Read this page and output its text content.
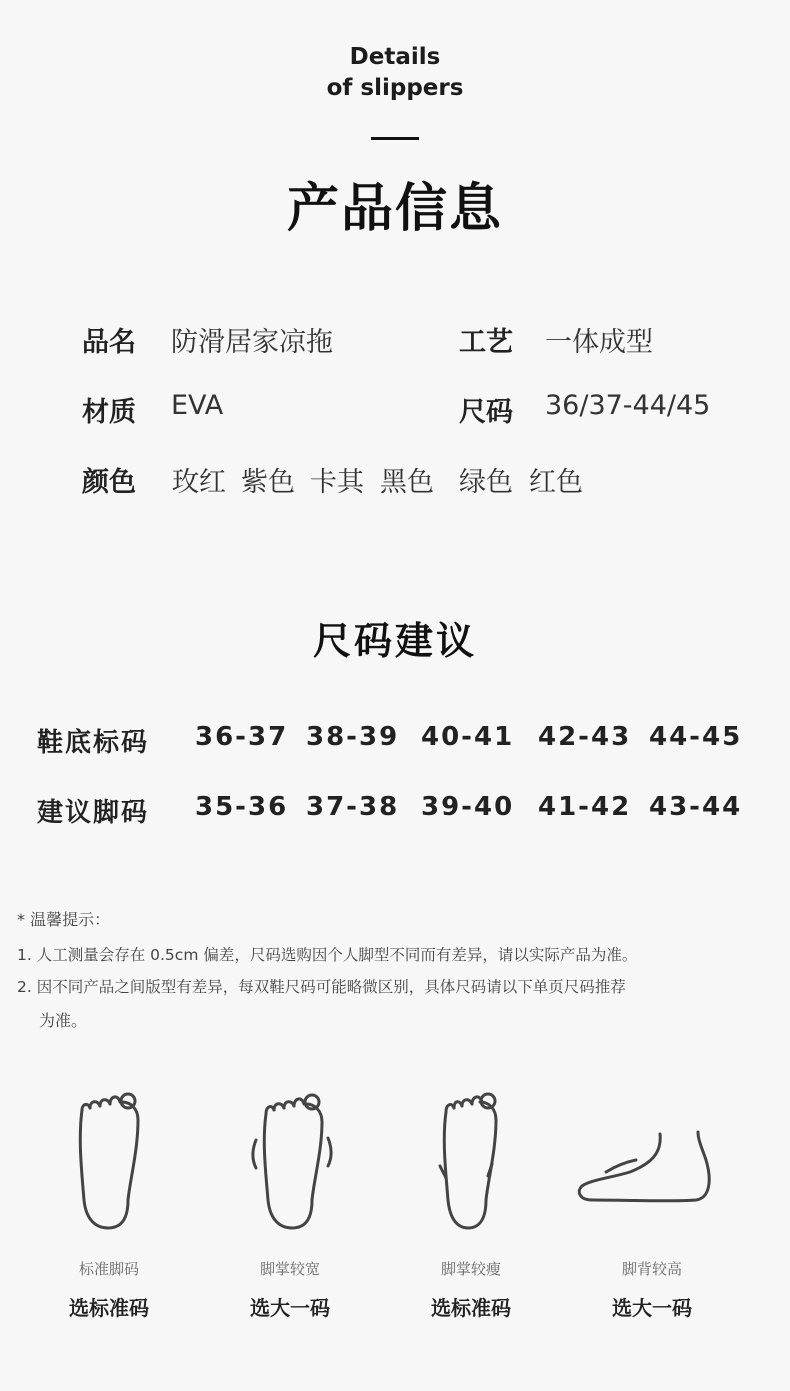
Details
of slippers
产品信息
品名 防滑居家凉拖	工艺 一体成型
材质 EVA	尺码 36/37-44/45
颜色 玫红 紫色 卡其 黑色 绿色 红色
尺码建议
鞋底标码 36-37 38-39 40-41 42-43 44-45
建议脚码 35-36 37-38 39-40 41-42 43-44
* 温馨提示：
1. 人工测量会存在 0.5cm 偏差，尺码选购因个人脚型不同而有差异，请以实际产品为准。
2. 因不同产品之间版型有差异，每双鞋尺码可能略微区别，具体尺码请以下单页尺码推荐
为准。
标准脚码	脚掌较宽	脚掌较瘦	脚背较高
选标准码	选大一码	选标准码	选大一码
